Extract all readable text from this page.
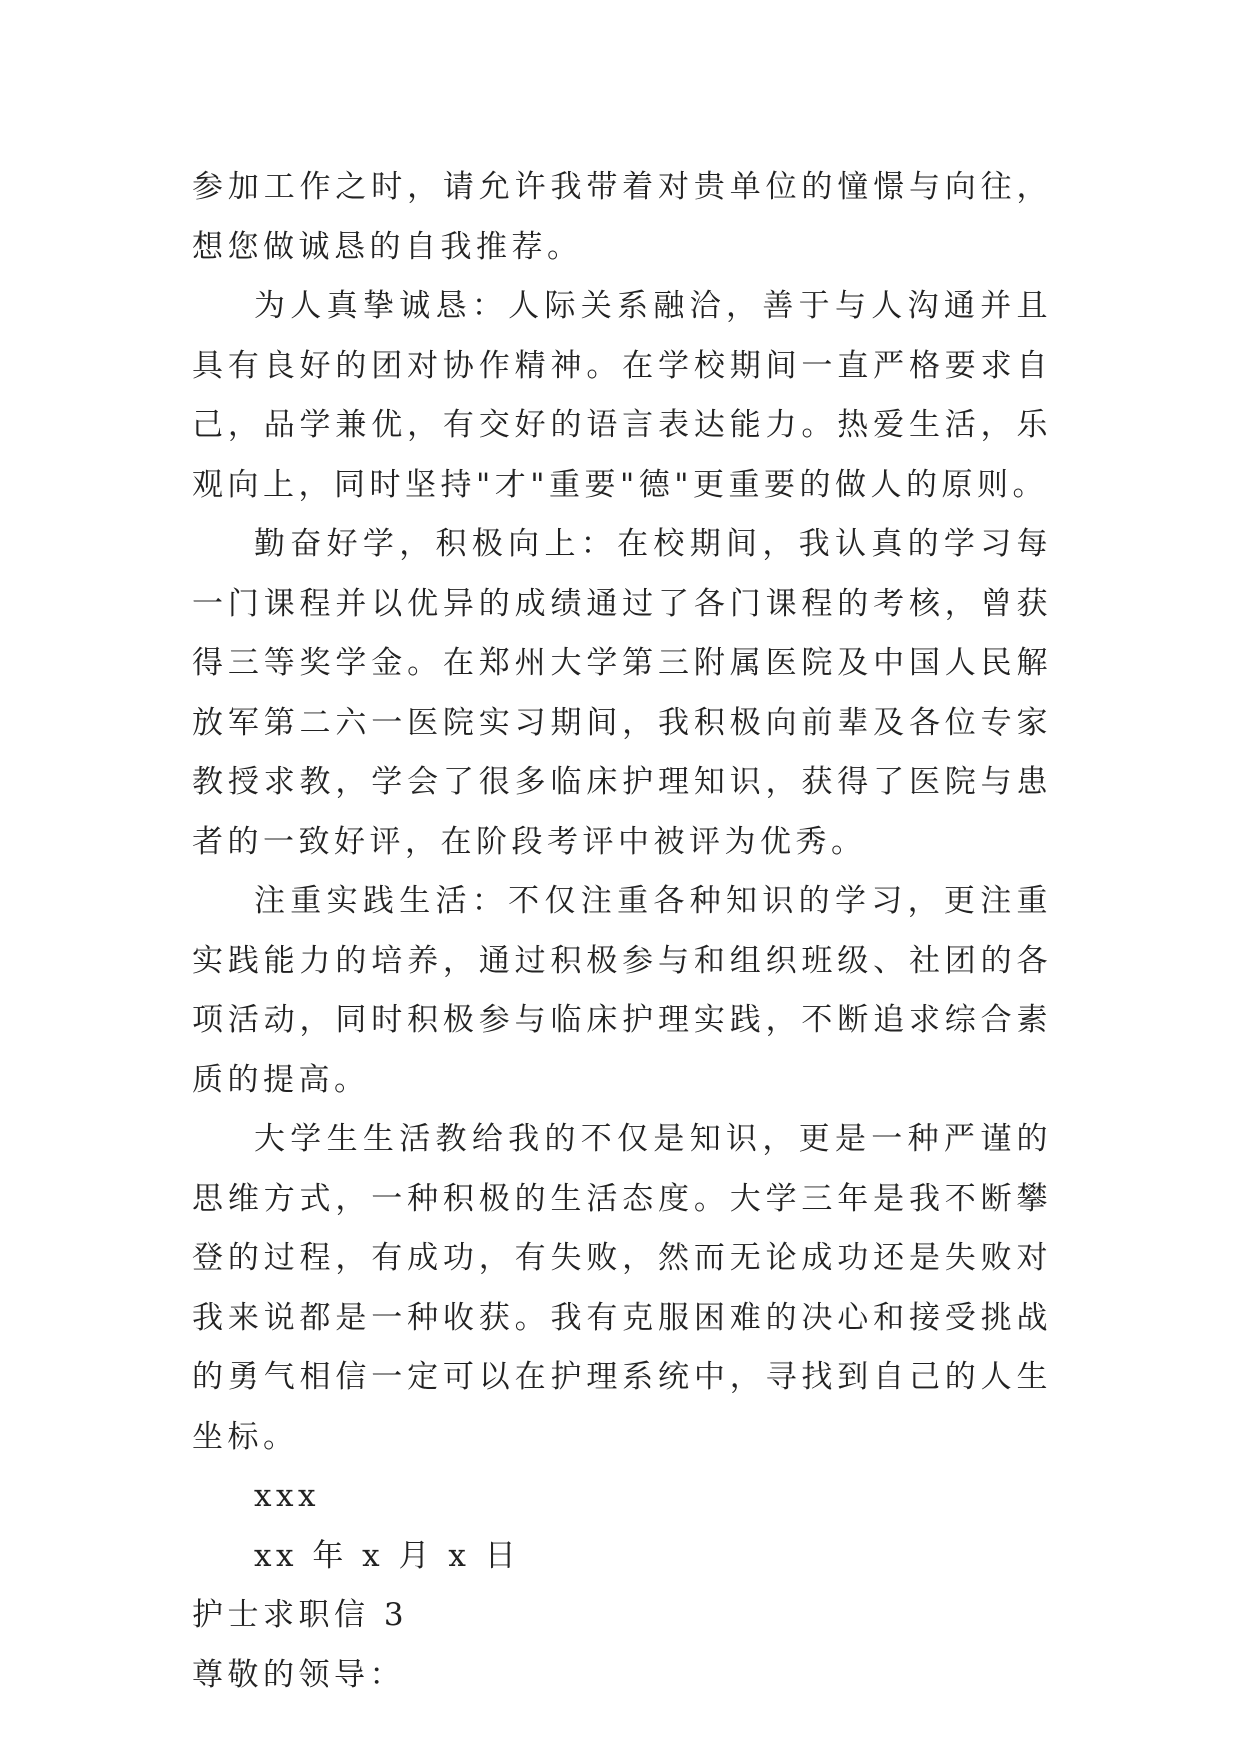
参加工作之时，请允许我带着对贵单位的憧憬与向往，想您做诚恳的自我推荐。

为人真挚诚恳：人际关系融洽，善于与人沟通并且具有良好的团对协作精神。在学校期间一直严格要求自己，品学兼优，有交好的语言表达能力。热爱生活，乐观向上，同时坚持"才"重要"德"更重要的做人的原则。

勤奋好学，积极向上：在校期间，我认真的学习每一门课程并以优异的成绩通过了各门课程的考核，曾获得三等奖学金。在郑州大学第三附属医院及中国人民解放军第二六一医院实习期间，我积极向前辈及各位专家教授求教，学会了很多临床护理知识，获得了医院与患者的一致好评，在阶段考评中被评为优秀。

注重实践生活：不仅注重各种知识的学习，更注重实践能力的培养，通过积极参与和组织班级、社团的各项活动，同时积极参与临床护理实践，不断追求综合素质的提高。

大学生生活教给我的不仅是知识，更是一种严谨的思维方式，一种积极的生活态度。大学三年是我不断攀登的过程，有成功，有失败，然而无论成功还是失败对我来说都是一种收获。我有克服困难的决心和接受挑战的勇气相信一定可以在护理系统中，寻找到自己的人生坐标。

xxx

xx 年 x 月 x 日

护士求职信 3

尊敬的领导：
